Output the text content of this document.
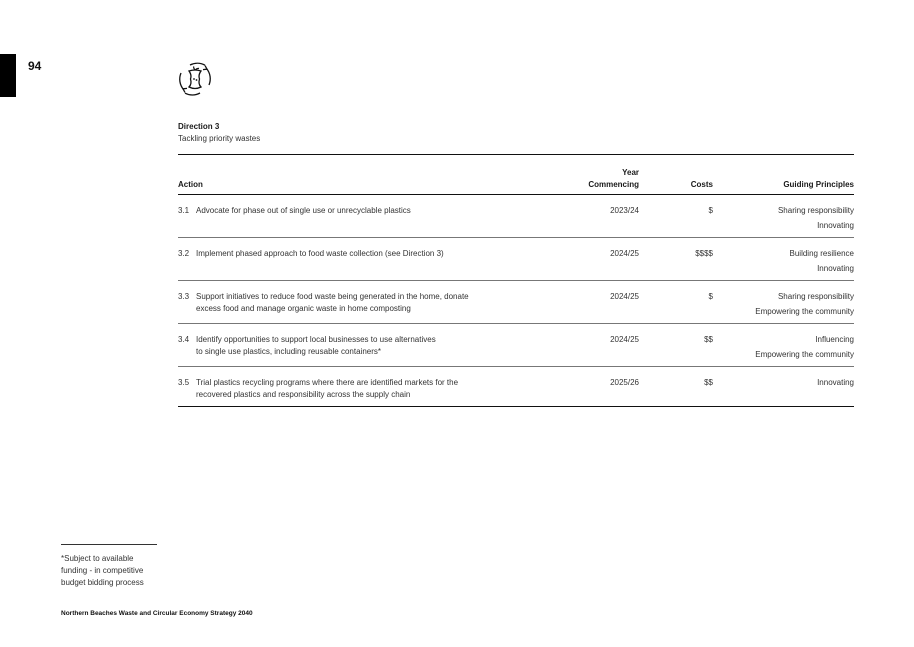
94
Direction 3
Tackling priority wastes
Action
Year
Commencing	Costs	Guiding Principles
3.1 Advocate for phase out of single use or unrecyclable plastics	2023/24	$	Sharing responsibility
Innovating
3.2 Implement phased approach to food waste collection (see Direction 3)	2024/25	$$$$	Building resilience
Innovating
3.3 Support initiatives to reduce food waste being generated in the home, donate
excess food and manage organic waste in home composting
2024/25	$	Sharing responsibility
Empowering the community
3.4 Identify opportunities to support local businesses to use alternatives
to single use plastics, including reusable containers*
2024/25	$$	Influencing
Empowering the community
3.5 Trial plastics recycling programs where there are identified markets for the
recovered plastics and responsibility across the supply chain
2025/26	$$	Innovating
*Subject to available
funding - in competitive
budget bidding process
Northern Beaches Waste and Circular Economy Strategy 2040
